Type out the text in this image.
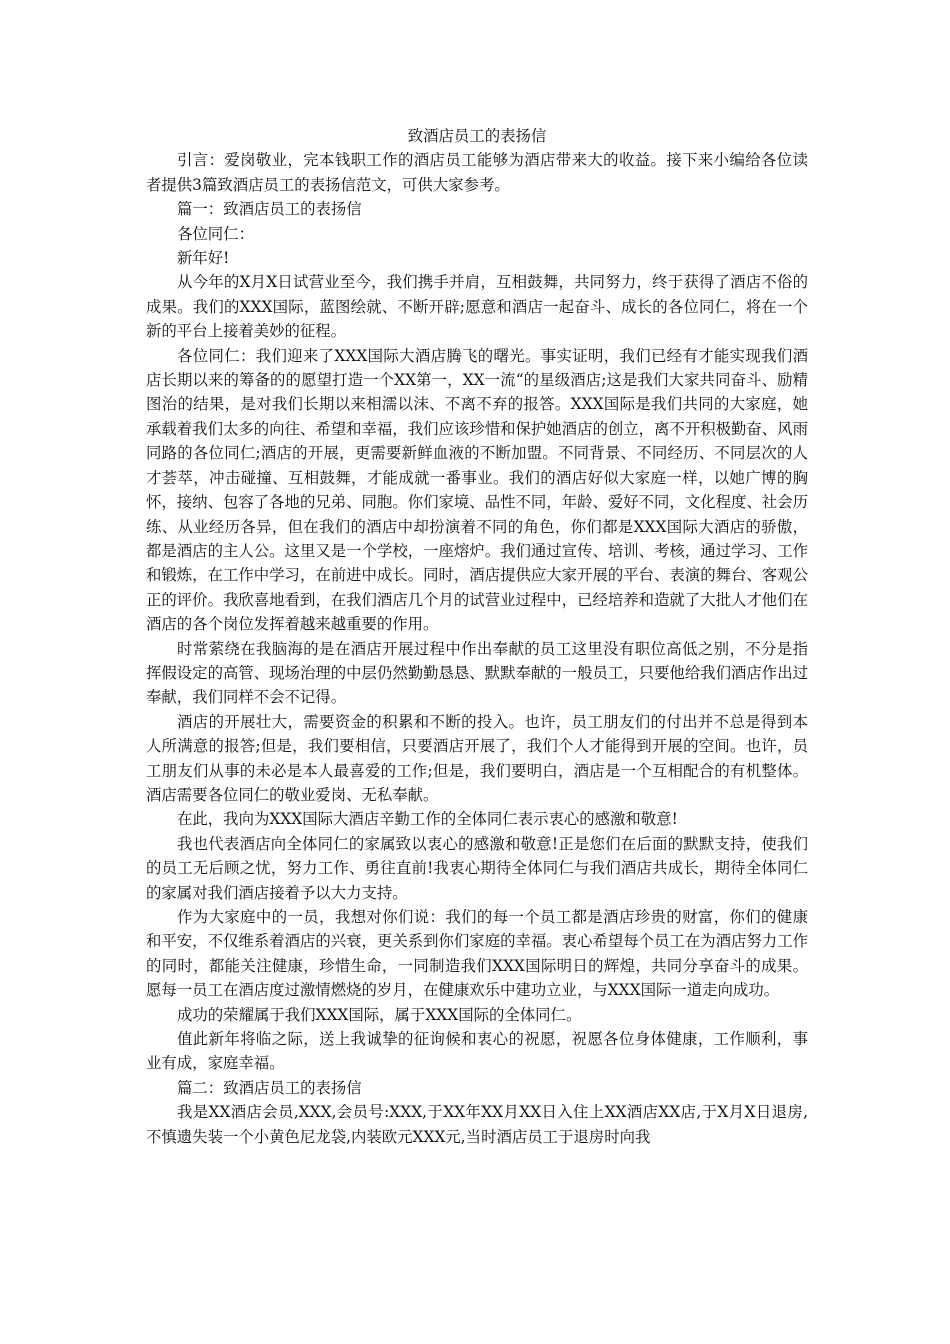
致酒店员工的表扬信

引言：爱岗敬业，完本钱职工作的酒店员工能够为酒店带来大的收益。接下来小编给各位读者提供3篇致酒店员工的表扬信范文，可供大家参考。

篇一：致酒店员工的表扬信

各位同仁：

新年好!

从今年的X月X日试营业至今，我们携手并肩，互相鼓舞，共同努力，终于获得了酒店不俗的成果。我们的XXX国际，蓝图绘就、不断开辟;愿意和酒店一起奋斗、成长的各位同仁，将在一个新的平台上接着美妙的征程。

各位同仁：我们迎来了XXX国际大酒店腾飞的曙光。事实证明，我们已经有才能实现我们酒店长期以来的筹备的的愿望打造一个XX第一，XX一流“的星级酒店;这是我们大家共同奋斗、励精图治的结果，是对我们长期以来相濡以沫、不离不弃的报答。XXX国际是我们共同的大家庭，她承载着我们太多的向往、希望和幸福，我们应该珍惜和保护她酒店的创立，离不开积极勤奋、风雨同路的各位同仁;酒店的开展，更需要新鲜血液的不断加盟。不同背景、不同经历、不同层次的人才荟萃，冲击碰撞、互相鼓舞，才能成就一番事业。我们的酒店好似大家庭一样，以她广博的胸怀，接纳、包容了各地的兄弟、同胞。你们家境、品性不同，年龄、爱好不同，文化程度、社会历练、从业经历各异，但在我们的酒店中却扮演着不同的角色，你们都是XXX国际大酒店的骄傲，都是酒店的主人公。这里又是一个学校，一座熔炉。我们通过宣传、培训、考核，通过学习、工作和锻炼，在工作中学习，在前进中成长。同时，酒店提供应大家开展的平台、表演的舞台、客观公正的评价。我欣喜地看到，在我们酒店几个月的试营业过程中，已经培养和造就了大批人才他们在酒店的各个岗位发挥着越来越重要的作用。

时常萦绕在我脑海的是在酒店开展过程中作出奉献的员工这里没有职位高低之别，不分是指挥假设定的高管、现场治理的中层仍然勤勤恳恳、默默奉献的一般员工，只要他给我们酒店作出过奉献，我们同样不会不记得。

酒店的开展壮大，需要资金的积累和不断的投入。也许，员工朋友们的付出并不总是得到本人所满意的报答;但是，我们要相信，只要酒店开展了，我们个人才能得到开展的空间。也许，员工朋友们从事的未必是本人最喜爱的工作;但是，我们要明白，酒店是一个互相配合的有机整体。酒店需要各位同仁的敬业爱岗、无私奉献。

在此，我向为XXX国际大酒店辛勤工作的全体同仁表示衷心的感激和敬意!

我也代表酒店向全体同仁的家属致以衷心的感激和敬意!正是您们在后面的默默支持，使我们的员工无后顾之忧，努力工作、勇往直前!我衷心期待全体同仁与我们酒店共成长，期待全体同仁的家属对我们酒店接着予以大力支持。

作为大家庭中的一员，我想对你们说：我们的每一个员工都是酒店珍贵的财富，你们的健康和平安，不仅维系着酒店的兴衰，更关系到你们家庭的幸福。衷心希望每个员工在为酒店努力工作的同时，都能关注健康，珍惜生命，一同制造我们XXX国际明日的辉煌，共同分享奋斗的成果。愿每一员工在酒店度过激情燃烧的岁月，在健康欢乐中建功立业，与XXX国际一道走向成功。

成功的荣耀属于我们XXX国际，属于XXX国际的全体同仁。

值此新年将临之际，送上我诚挚的征询候和衷心的祝愿，祝愿各位身体健康，工作顺利，事业有成，家庭幸福。

篇二：致酒店员工的表扬信

我是XX酒店会员,XXX,会员号:XXX,于XX年XX月XX日入住上XX酒店XX店,于X月X日退房,不慎遗失装一个小黄色尼龙袋,内装欧元XXX元,当时酒店员工于退房时向我
